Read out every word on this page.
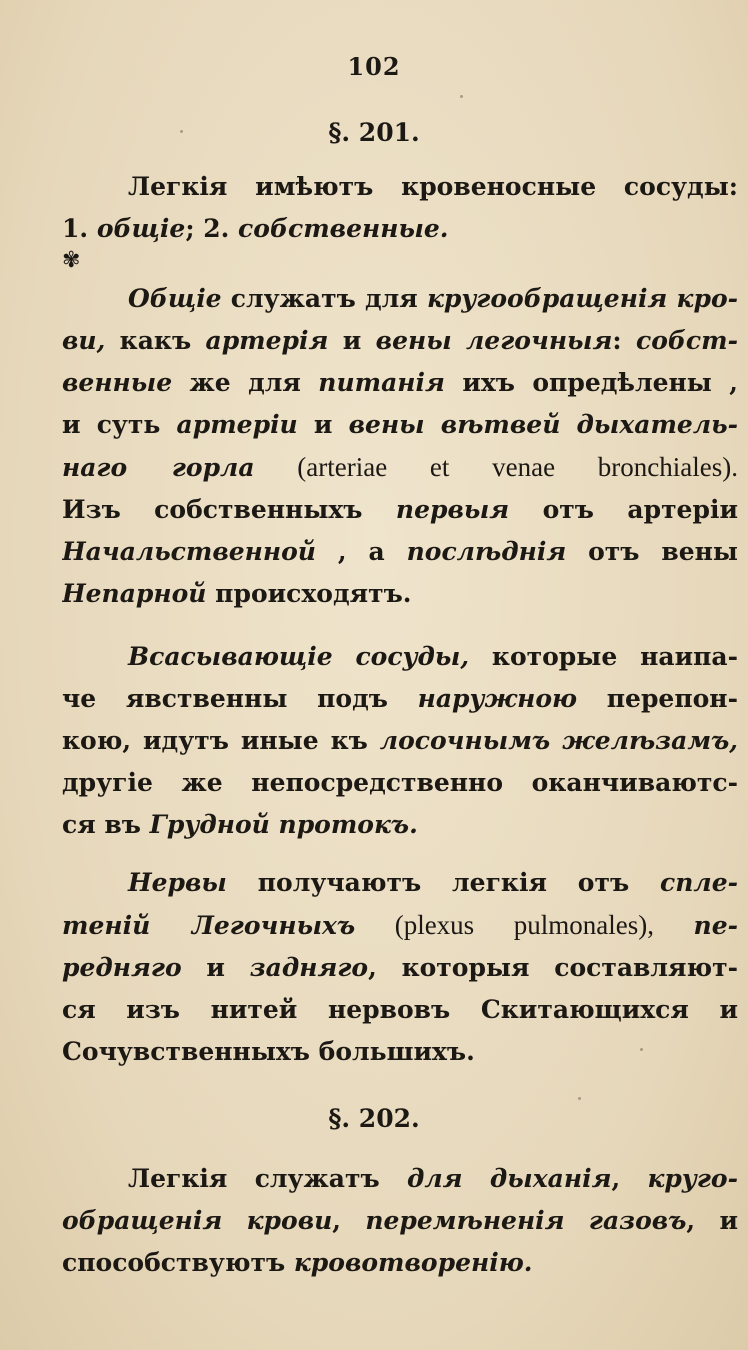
102
§. 201.
Легкія имѣютъ кровеносные сосуды:
1. общіе; 2. собственные.
✾
Общіе служатъ для кругообращенія кро-
ви, какъ артерія и вены легочныя: собст-
венные же для питанія ихъ опредѣлены ,
и суть артеріи и вены вѣтвей дыхатель-
наго горла (arteriae et venae bronchiales).
Изъ собственныхъ первыя отъ артеріи
Начальственной , а послѣднія отъ вены
Непарной происходятъ.
Всасывающіе сосуды, которые наипа-
че явственны подъ наружною перепон-
кою, идутъ иные къ лосочнымъ желѣзамъ,
другіе же непосредственно оканчиваютс-
ся въ Грудной протокъ.
Нервы получаютъ легкія отъ спле-
теній Легочныхъ (plexus pulmonales), пе-
редняго и задняго, которыя составляют-
ся изъ нитей нервовъ Скитающихся и
Сочувственныхъ большихъ.
§. 202.
Легкія служатъ для дыханія, круго-
обращенія крови, перемѣненія газовъ, и
способствуютъ кровотворенію.
